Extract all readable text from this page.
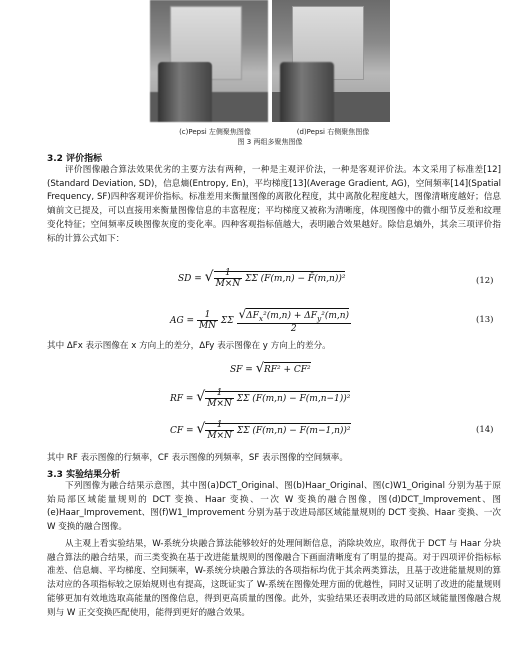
(c)Pepsi 左侧聚焦图像	(d)Pepsi 右侧聚焦图像
图 3 两组多聚焦图像
3.2 评价指标
评价图像融合算法效果优劣的主要方法有两种，一种是主观评价法，一种是客观评价法。本文采用了标准差[12](Standard Deviation, SD)，信息熵(Entropy, En)，平均梯度[13](Average Gradient, AG)，空间频率[14](Spatial Frequency, SF)四种客观评价指标。标准差用来衡量图像的离散化程度，其中离散化程度越大，图像清晰度越好；信息熵前文已提及，可以直接用来衡量图像信息的丰富程度；平均梯度又被称为清晰度，体现图像中的微小细节反差和纹理变化特征；空间频率反映图像灰度的变化率。四种客观指标值越大，表明融合效果越好。除信息熵外，其余三项评价指标的计算公式如下：
SD = √ $\frac{1}{M\times N}$ ΣΣ (F(m,n) − F̄(m,n))²	(12)
AG = $\frac{1}{MN}$ ΣΣ $\frac{√\Delta F_x^2(m,n) + \Delta F_y^2(m,n)}{2}$	(13)
其中 ΔFx 表示图像在 x 方向上的差分，ΔFy 表示图像在 y 方向上的差分。
SF = √RF² + CF²
RF = √ $\frac{1}{M\times N}$ ΣΣ (F(m,n) − F(m,n−1))²
CF = √ $\frac{1}{M\times N}$ ΣΣ (F(m,n) − F(m−1,n))²	(14)
其中 RF 表示图像的行频率，CF 表示图像的列频率，SF 表示图像的空间频率。
3.3 实验结果分析
下列图像为融合结果示意图，其中图(a)DCT_Original、图(b)Haar_Original、图(c)W1_Original 分别为基于原始局部区域能量规则的 DCT 变换、Haar 变换、一次 W 变换的融合图像，图(d)DCT_Improvement、图(e)Haar_Improvement、图(f)W1_Improvement 分别为基于改进局部区域能量规则的 DCT 变换、Haar 变换、一次 W 变换的融合图像。
从主观上看实验结果，W-系统分块融合算法能够较好的处理间断信息，消除块效应，取得优于 DCT 与 Haar 分块融合算法的融合结果，而三类变换在基于改进能量规则的图像融合下画面清晰度有了明显的提高。对于四项评价指标标准差、信息熵、平均梯度、空间频率，W-系统分块融合算法的各项指标均优于其余两类算法，且基于改进能量规则的算法对应的各项指标较之原始规则也有提高，这既证实了 W-系统在图像处理方面的优越性，同时又证明了改进的能量规则能够更加有效地选取高能量的图像信息，得到更高质量的图像。此外，实验结果还表明改进的局部区域能量图像融合规则与 W 正交变换匹配使用，能得到更好的融合效果。
